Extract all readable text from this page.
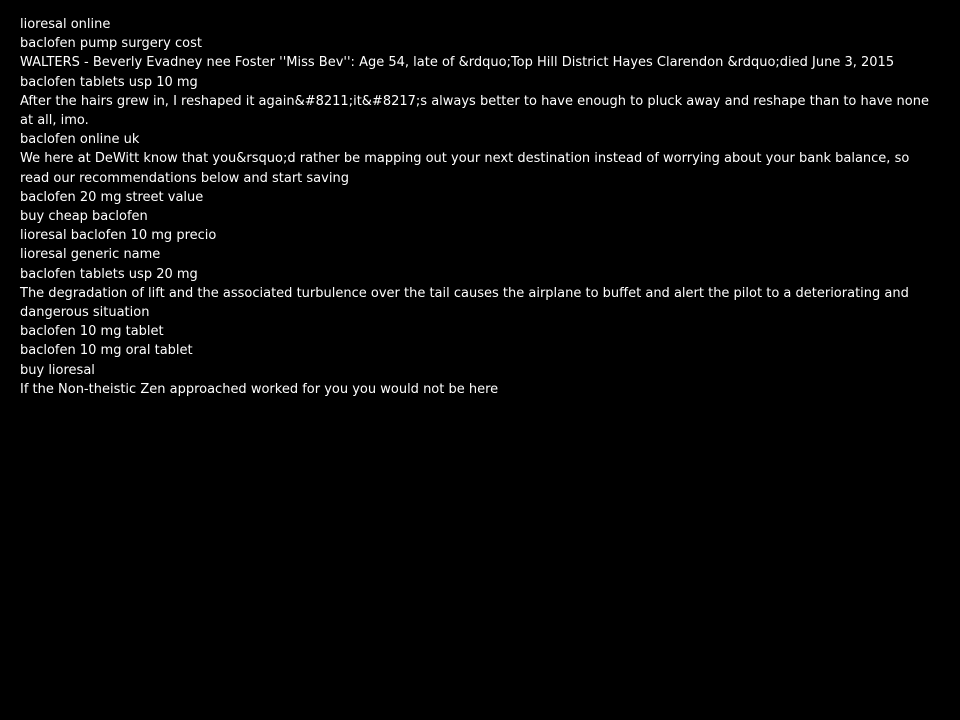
lioresal online

baclofen pump surgery cost

WALTERS - Beverly Evadney nee Foster ''Miss Bev'': Age 54, late of &rdquo;Top Hill District Hayes Clarendon &rdquo;died June 3, 2015

baclofen tablets usp 10 mg

After the hairs grew in, I reshaped it again&#8211;it&#8217;s always better to have enough to pluck away and reshape than to have none at all, imo.

baclofen online uk

We here at DeWitt know that you&rsquo;d rather be mapping out your next destination instead of worrying about your bank balance, so read our recommendations below and start saving

baclofen 20 mg street value

buy cheap baclofen

lioresal baclofen 10 mg precio

lioresal generic name

baclofen tablets usp 20 mg

The degradation of lift and the associated turbulence over the tail causes the airplane to buffet and alert the pilot to a deteriorating and dangerous situation

baclofen 10 mg tablet

baclofen 10 mg oral tablet

buy lioresal

If the Non-theistic Zen approached worked for you you would not be here
